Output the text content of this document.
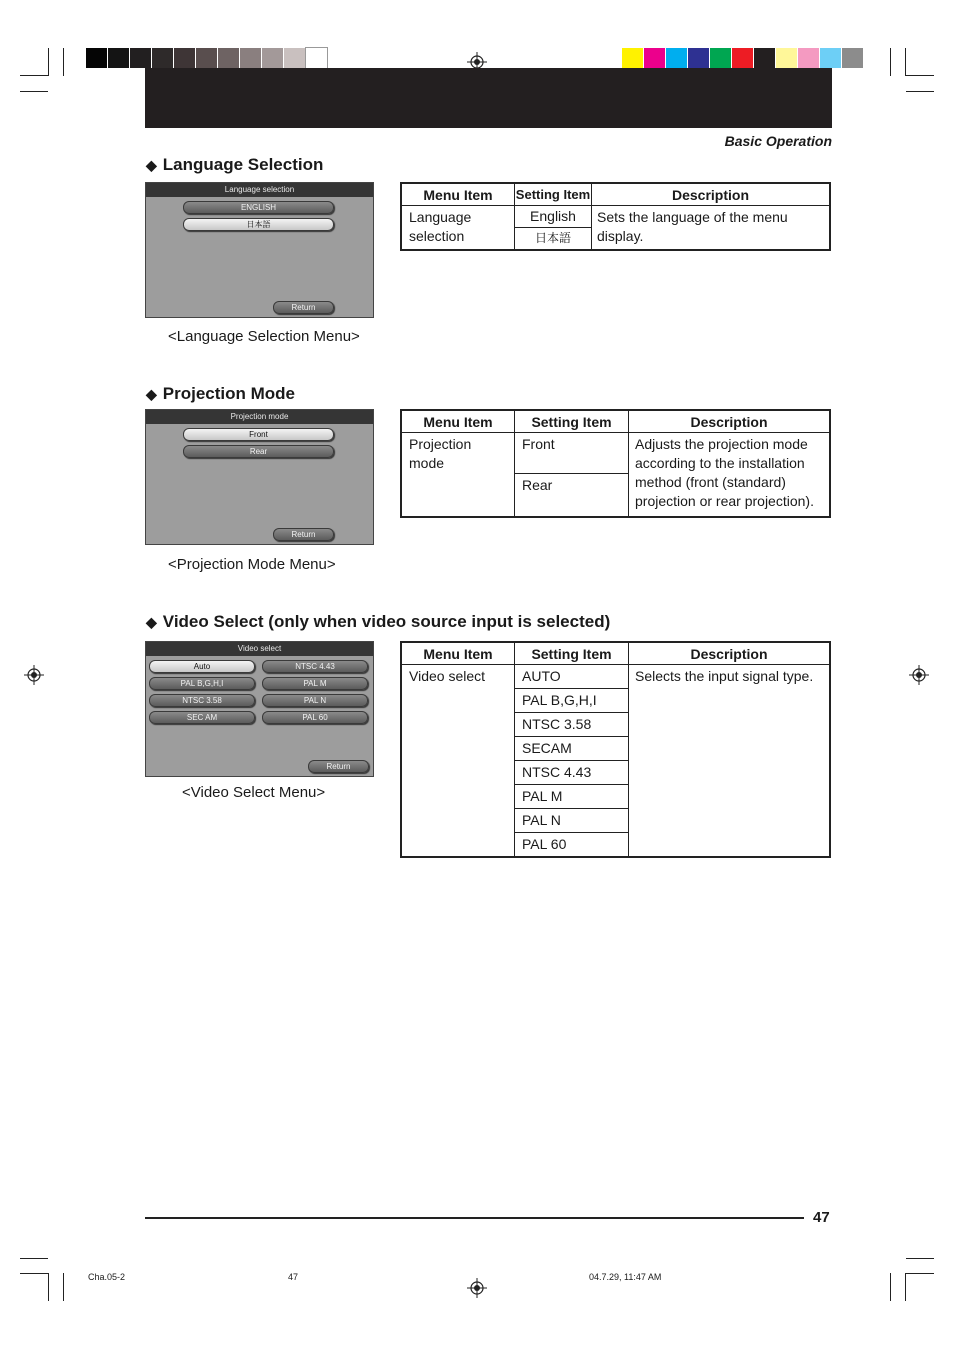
Basic Operation
◆ Language Selection
Language selection
ENGLISH
日本語
Return
<Language Selection Menu>
Menu Item	Setting Item	Description
Language selection	English	Sets the language of the menu display.
	日本語	
◆ Projection Mode
Projection mode
Front
Rear
Return
<Projection Mode Menu>
Menu Item	Setting Item	Description
Projection mode	Front	Adjusts the projection mode according to the installation method (front (standard) projection or rear projection).
	Rear	
◆ Video Select (only when video source input is selected)
Video select
Auto
PAL B,G,H,I
NTSC 3.58
SEC AM
NTSC 4.43
PAL M
PAL N
PAL 60
Return
<Video Select Menu>
Menu Item	Setting Item	Description
Video select	AUTO	Selects the input signal type.
	PAL B,G,H,I	
	NTSC 3.58	
	SECAM	
	NTSC 4.43	
	PAL M	
	PAL N	
	PAL 60	
47
Cha.05-2	47	04.7.29, 11:47 AM
